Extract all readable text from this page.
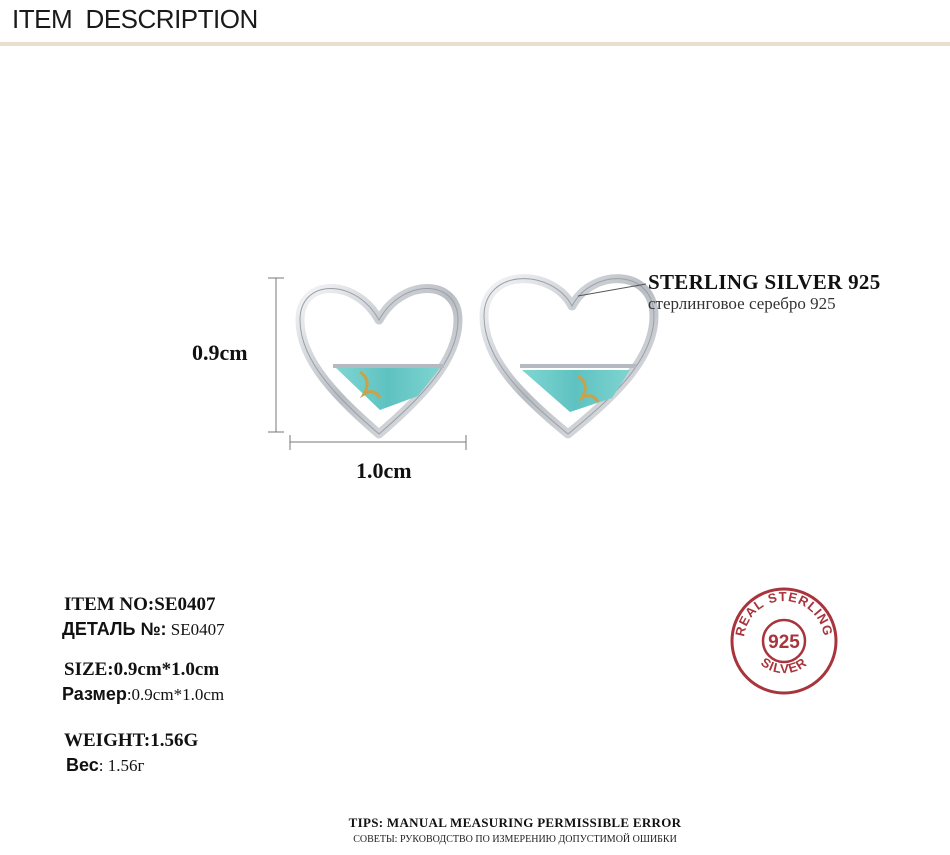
ITEM  DESCRIPTION
0.9cm
1.0cm
STERLING SILVER 925
стерлинговое серебро 925
ITEM NO:SE0407
ДЕТАЛЬ №: SE0407
SIZE:0.9cm*1.0cm
Размер:0.9cm*1.0cm
WEIGHT:1.56G
Вес: 1.56г
REAL STERLING
SILVER
925
TIPS: MANUAL MEASURING PERMISSIBLE ERROR
СОВЕТЫ: РУКОВОДСТВО ПО ИЗМЕРЕНИЮ ДОПУСТИМОЙ ОШИБКИ
